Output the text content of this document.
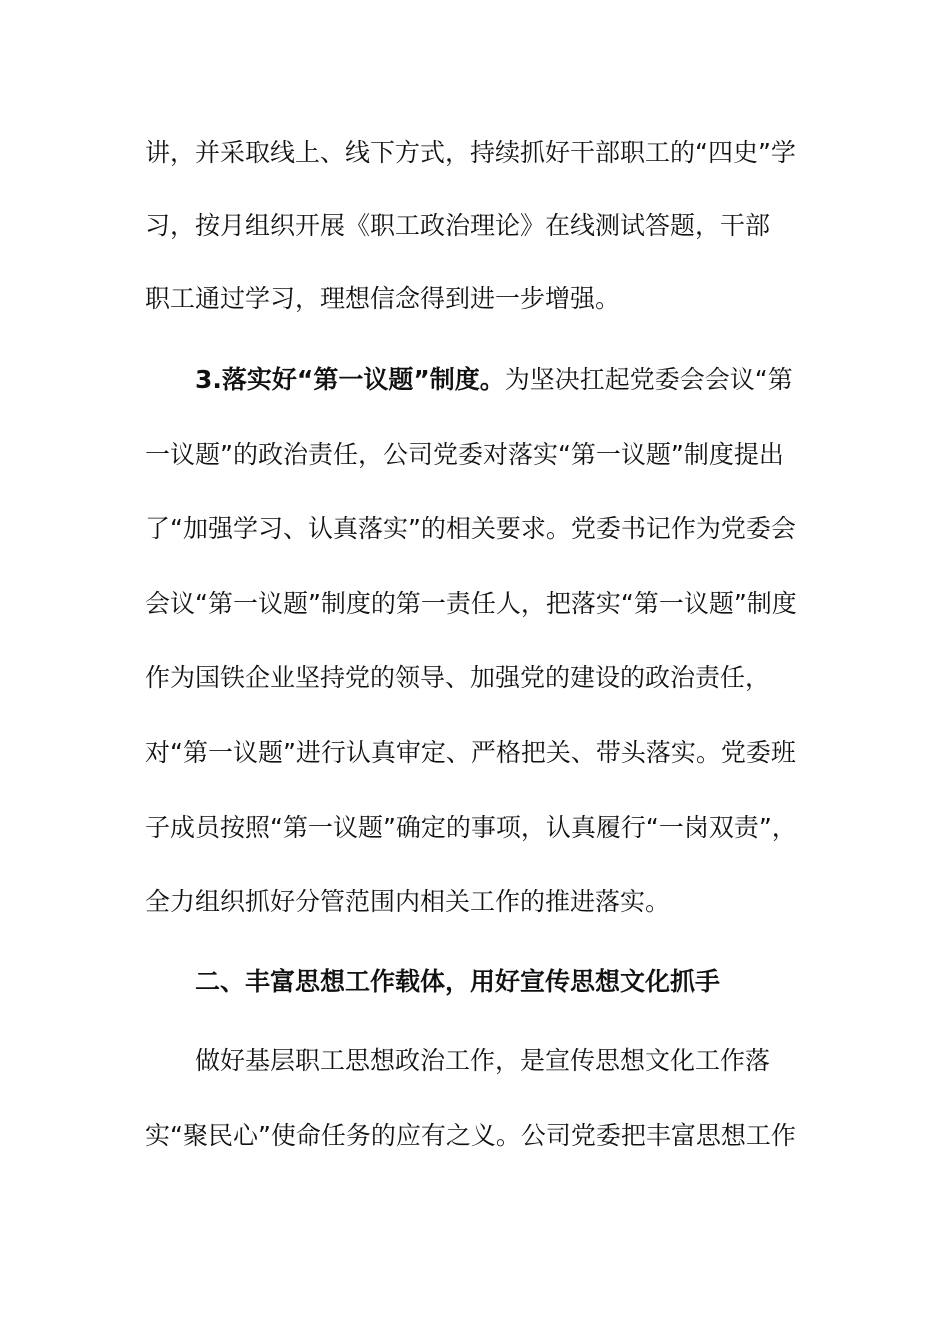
讲，并采取线上、线下方式，持续抓好干部职工的“四史”学
习，按月组织开展《职工政治理论》在线测试答题，干部
职工通过学习，理想信念得到进一步增强。
3.落实好“第一议题”制度。为坚决扛起党委会会议“第
一议题”的政治责任，公司党委对落实“第一议题”制度提出
了“加强学习、认真落实”的相关要求。党委书记作为党委会
会议“第一议题”制度的第一责任人，把落实“第一议题”制度
作为国铁企业坚持党的领导、加强党的建设的政治责任，
对“第一议题”进行认真审定、严格把关、带头落实。党委班
子成员按照“第一议题”确定的事项，认真履行“一岗双责”，
全力组织抓好分管范围内相关工作的推进落实。
二、丰富思想工作载体，用好宣传思想文化抓手
做好基层职工思想政治工作，是宣传思想文化工作落
实“聚民心”使命任务的应有之义。公司党委把丰富思想工作
